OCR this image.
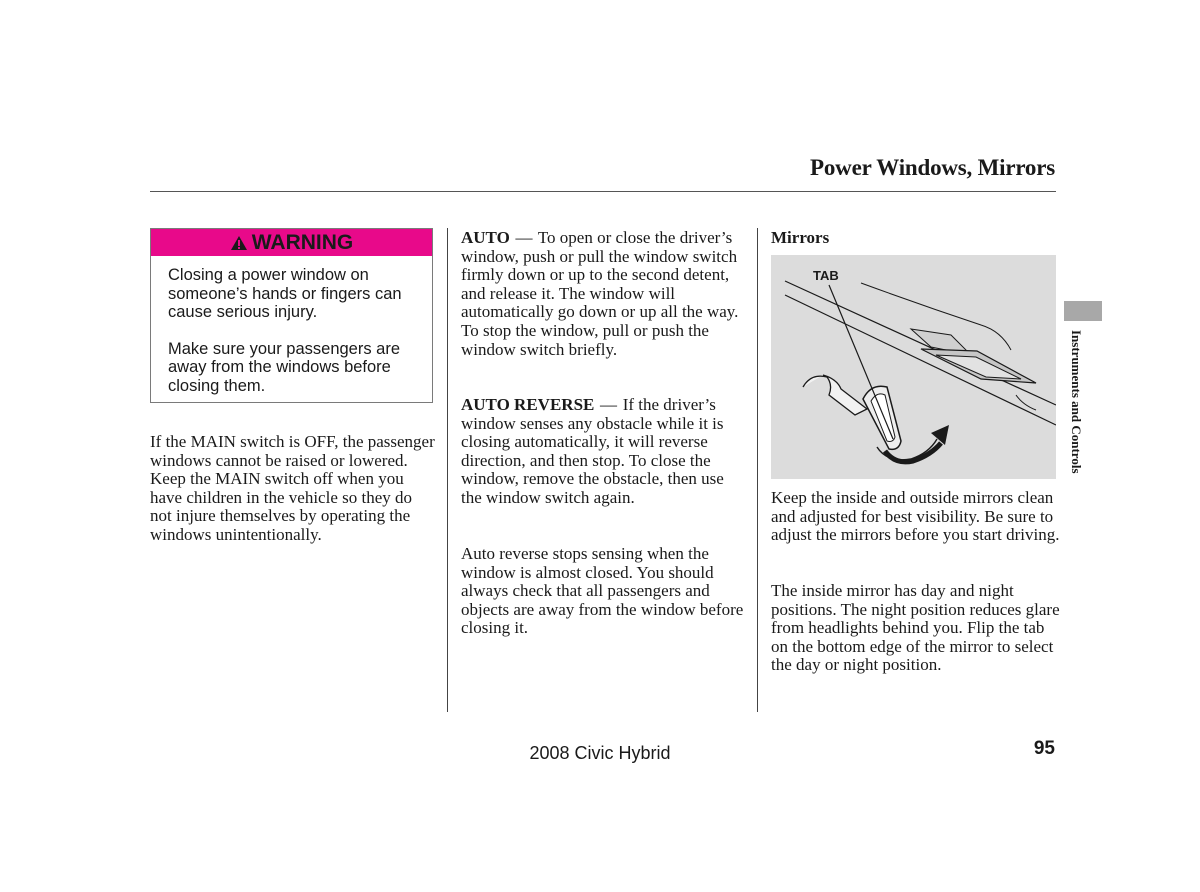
Power Windows, Mirrors
WARNING

Closing a power window on someone’s hands or fingers can cause serious injury.

Make sure your passengers are away from the windows before closing them.

If the MAIN switch is OFF, the passenger windows cannot be raised or lowered. Keep the MAIN switch off when you have children in the vehicle so they do not injure themselves by operating the windows unintentionally.
AUTO  —  To open or close the driver’s window, push or pull the window switch firmly down or up to the second detent, and release it. The window will automatically go down or up all the way. To stop the window, pull or push the window switch briefly.
AUTO REVERSE  —  If the driver’s window senses any obstacle while it is closing automatically, it will reverse direction, and then stop. To close the window, remove the obstacle, then use the window switch again.
Auto reverse stops sensing when the window is almost closed. You should always check that all passengers and objects are away from the window before closing it.
Mirrors
TAB
Keep the inside and outside mirrors clean and adjusted for best visibility. Be sure to adjust the mirrors before you start driving.
The inside mirror has day and night positions. The night position reduces glare from headlights behind you. Flip the tab on the bottom edge of the mirror to select the day or night position.
Instruments and Controls
2008 Civic Hybrid	95
